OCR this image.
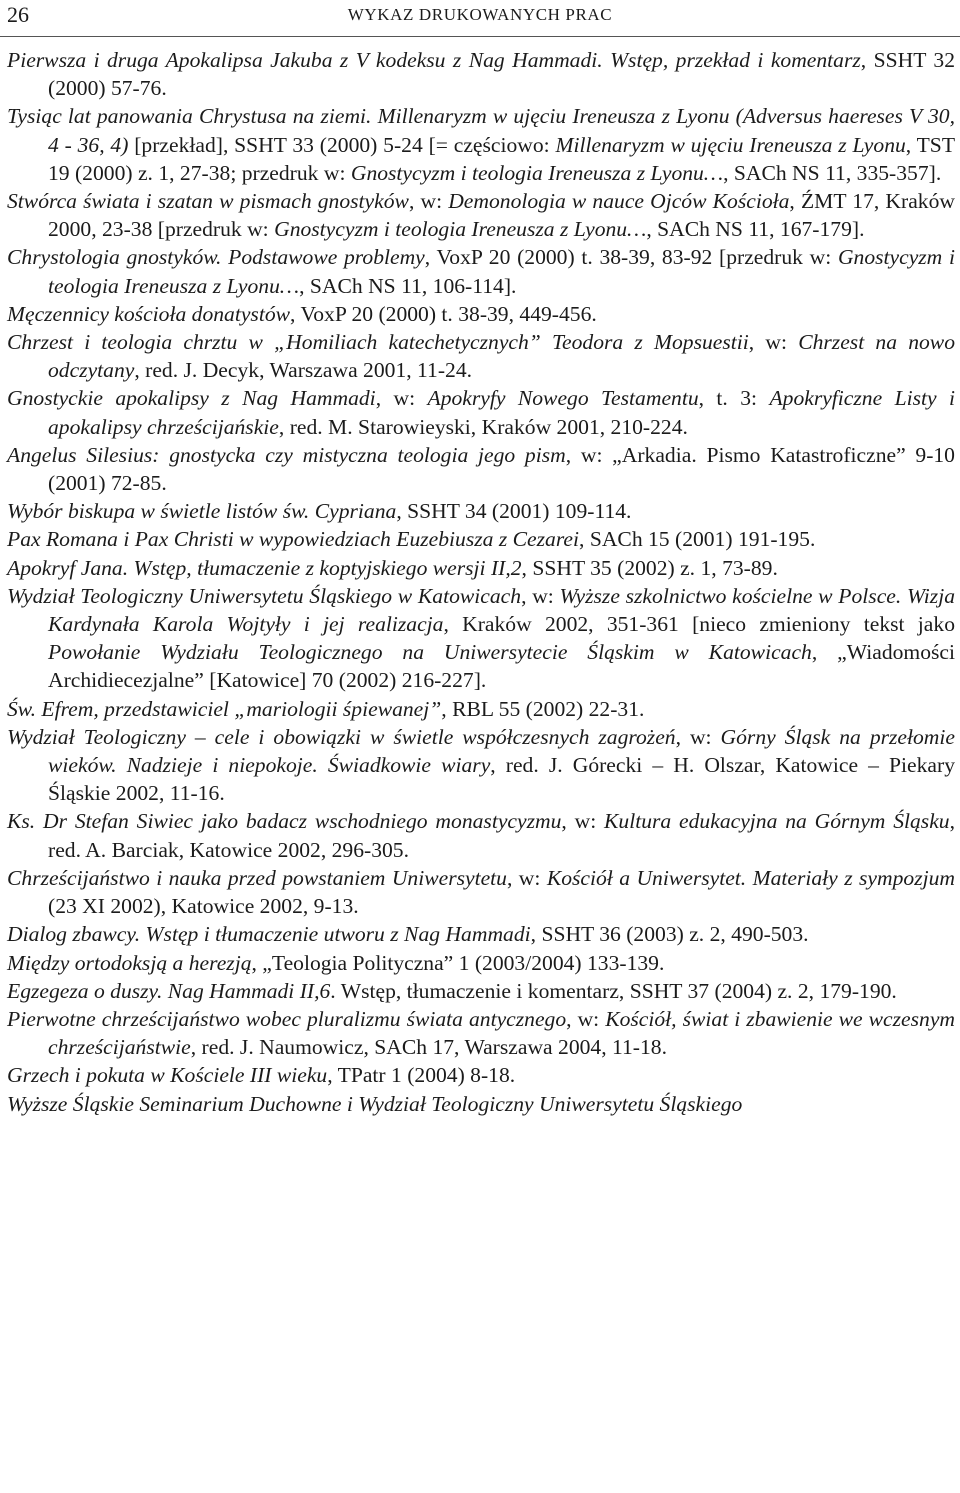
26	WYKAZ DRUKOWANYCH PRAC

Pierwsza i druga Apokalipsa Jakuba z V kodeksu z Nag Hammadi. Wstęp, przekład i komentarz, SSHT 32 (2000) 57-76.

Tysiąc lat panowania Chrystusa na ziemi. Millenaryzm w ujęciu Ireneusza z Lyonu (Adversus haereses V 30, 4 - 36, 4) [przekład], SSHT 33 (2000) 5-24 [= częściowo: Millenaryzm w ujęciu Ireneusza z Lyonu, TST 19 (2000) z. 1, 27-38; przedruk w: Gnostycyzm i teologia Ireneusza z Lyonu…, SACh NS 11, 335-357].

Stwórca świata i szatan w pismach gnostyków, w: Demonologia w nauce Ojców Kościoła, ŹMT 17, Kraków 2000, 23-38 [przedruk w: Gnostycyzm i teologia Ireneusza z Lyonu…, SACh NS 11, 167-179].

Chrystologia gnostyków. Podstawowe problemy, VoxP 20 (2000) t. 38-39, 83-92 [przedruk w: Gnostycyzm i teologia Ireneusza z Lyonu…, SACh NS 11, 106-114].

Męczennicy kościoła donatystów, VoxP 20 (2000) t. 38-39, 449-456.

Chrzest i teologia chrztu w „Homiliach katechetycznych” Teodora z Mopsuestii, w: Chrzest na nowo odczytany, red. J. Decyk, Warszawa 2001, 11-24.

Gnostyckie apokalipsy z Nag Hammadi, w: Apokryfy Nowego Testamentu, t. 3: Apokryficzne Listy i apokalipsy chrześcijańskie, red. M. Starowieyski, Kraków 2001, 210-224.

Angelus Silesius: gnostycka czy mistyczna teologia jego pism, w: „Arkadia. Pismo Katastroficzne” 9-10 (2001) 72-85.

Wybór biskupa w świetle listów św. Cypriana, SSHT 34 (2001) 109-114.

Pax Romana i Pax Christi w wypowiedziach Euzebiusza z Cezarei, SACh 15 (2001) 191-195.

Apokryf Jana. Wstęp, tłumaczenie z koptyjskiego wersji II,2, SSHT 35 (2002) z. 1, 73-89.

Wydział Teologiczny Uniwersytetu Śląskiego w Katowicach, w: Wyższe szkolnictwo kościelne w Polsce. Wizja Kardynała Karola Wojtyły i jej realizacja, Kraków 2002, 351-361 [nieco zmieniony tekst jako Powołanie Wydziału Teologicznego na Uniwersytecie Śląskim w Katowicach, „Wiadomości Archidiecezjalne” [Katowice] 70 (2002) 216-227].

Św. Efrem, przedstawiciel „mariologii śpiewanej”, RBL 55 (2002) 22-31.

Wydział Teologiczny – cele i obowiązki w świetle współczesnych zagrożeń, w: Górny Śląsk na przełomie wieków. Nadzieje i niepokoje. Świadkowie wiary, red. J. Górecki – H. Olszar, Katowice – Piekary Śląskie 2002, 11-16.

Ks. Dr Stefan Siwiec jako badacz wschodniego monastycyzmu, w: Kultura edukacyjna na Górnym Śląsku, red. A. Barciak, Katowice 2002, 296-305.

Chrześcijaństwo i nauka przed powstaniem Uniwersytetu, w: Kościół a Uniwersytet. Materiały z sympozjum (23 XI 2002), Katowice 2002, 9-13.

Dialog zbawcy. Wstęp i tłumaczenie utworu z Nag Hammadi, SSHT 36 (2003) z. 2, 490-503.

Między ortodoksją a herezją, „Teologia Polityczna” 1 (2003/2004) 133-139.

Egzegeza o duszy. Nag Hammadi II,6. Wstęp, tłumaczenie i komentarz, SSHT 37 (2004) z. 2, 179-190.

Pierwotne chrześcijaństwo wobec pluralizmu świata antycznego, w: Kościół, świat i zbawienie we wczesnym chrześcijaństwie, red. J. Naumowicz, SACh 17, Warszawa 2004, 11-18.

Grzech i pokuta w Kościele III wieku, TPatr 1 (2004) 8-18.

Wyższe Śląskie Seminarium Duchowne i Wydział Teologiczny Uniwersytetu Śląskiego
